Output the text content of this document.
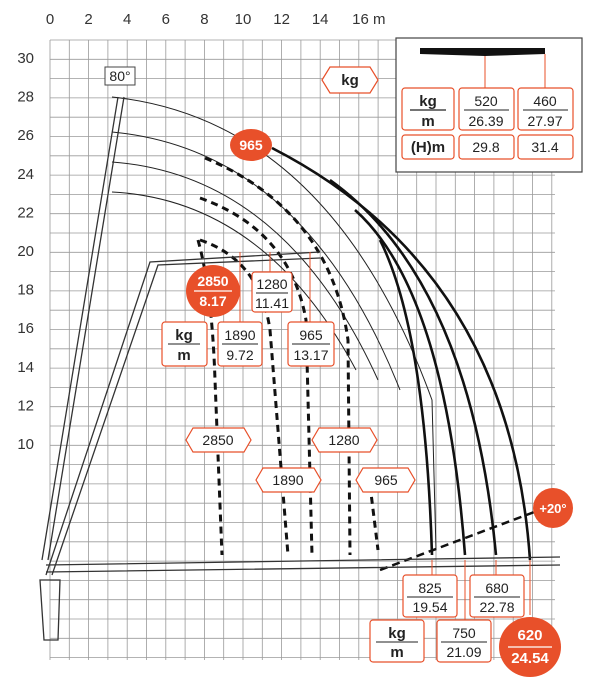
0 2 4 6 8 10 12 14 16 m
30
28
26
24
22
20
18
16
14
12
10
kg
m
520
26.39
460
27.97
(H)m 29.8 31.4
kg
80°
965
2850
8.17
1280
11.41
kg
m
1890
9.72
965
13.17
2850	1280
1890	965
+20°
825
19.54
680
22.78
kg
m
750
21.09
620
24.54
